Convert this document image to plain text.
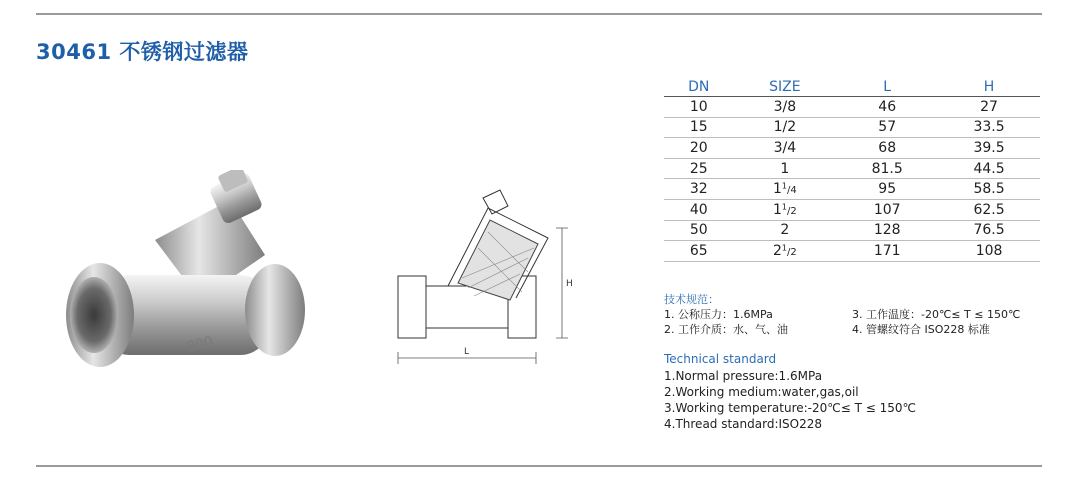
30461 不锈钢过滤器
800
H
L
DN	SIZE	L	H
10	3/8	46	27
15	1/2	57	33.5
20	3/4	68	39.5
25	1	81.5	44.5
32	$1^1/4$	95	58.5
40	$1^1/2$	107	62.5
50	2	128	76.5
65	$2^1/2$	171	108
技术规范：
1. 公称压力：1.6MPa
2. 工作介质：水、气、油
3. 工作温度：-20℃≤ T ≤ 150℃
4. 管螺纹符合 ISO228 标准
Technical standard
1.Normal pressure:1.6MPa
2.Working medium:water,gas,oil
3.Working temperature:-20℃≤ T ≤ 150℃
4.Thread standard:ISO228
